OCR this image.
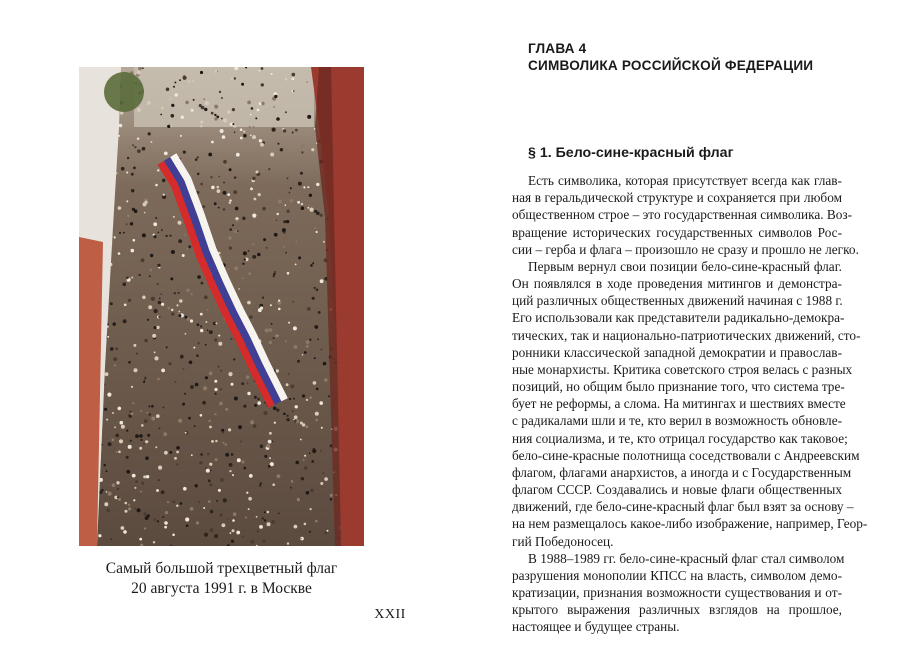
Самый большой трехцветный флаг
20 августа 1991 г. в Москве
XXII
ГЛАВА 4
СИМВОЛИКА РОССИЙСКОЙ ФЕДЕРАЦИИ
§ 1. Бело-сине-красный флаг
Есть символика, которая присутствует всегда как глав-
ная в геральдической структуре и сохраняется при любом
общественном строе – это государственная символика. Воз-
вращение исторических государственных символов Рос-
сии – герба и флага – произошло не сразу и прошло не легко.
Первым вернул свои позиции бело-сине-красный флаг.
Он появлялся в ходе проведения митингов и демонстра-
ций различных общественных движений начиная с 1988 г.
Его использовали как представители радикально-демокра-
тических, так и национально-патриотических движений, сто-
ронники классической западной демократии и православ-
ные монархисты. Критика советского строя велась с разных
позиций, но общим было признание того, что система тре-
бует не реформы, а слома. На митингах и шествиях вместе
с радикалами шли и те, кто верил в возможность обновле-
ния социализма, и те, кто отрицал государство как таковое;
бело-сине-красные полотнища соседствовали с Андреевским
флагом, флагами анархистов, а иногда и с Государственным
флагом СССР. Создавались и новые флаги общественных
движений, где бело-сине-красный флаг был взят за основу –
на нем размещалось какое-либо изображение, например, Геор-
гий Победоносец.
В 1988–1989 гг. бело-сине-красный флаг стал символом
разрушения монополии КПСС на власть, символом демо-
кратизации, признания возможности существования и от-
крытого выражения различных взглядов на прошлое,
настоящее и будущее страны.
